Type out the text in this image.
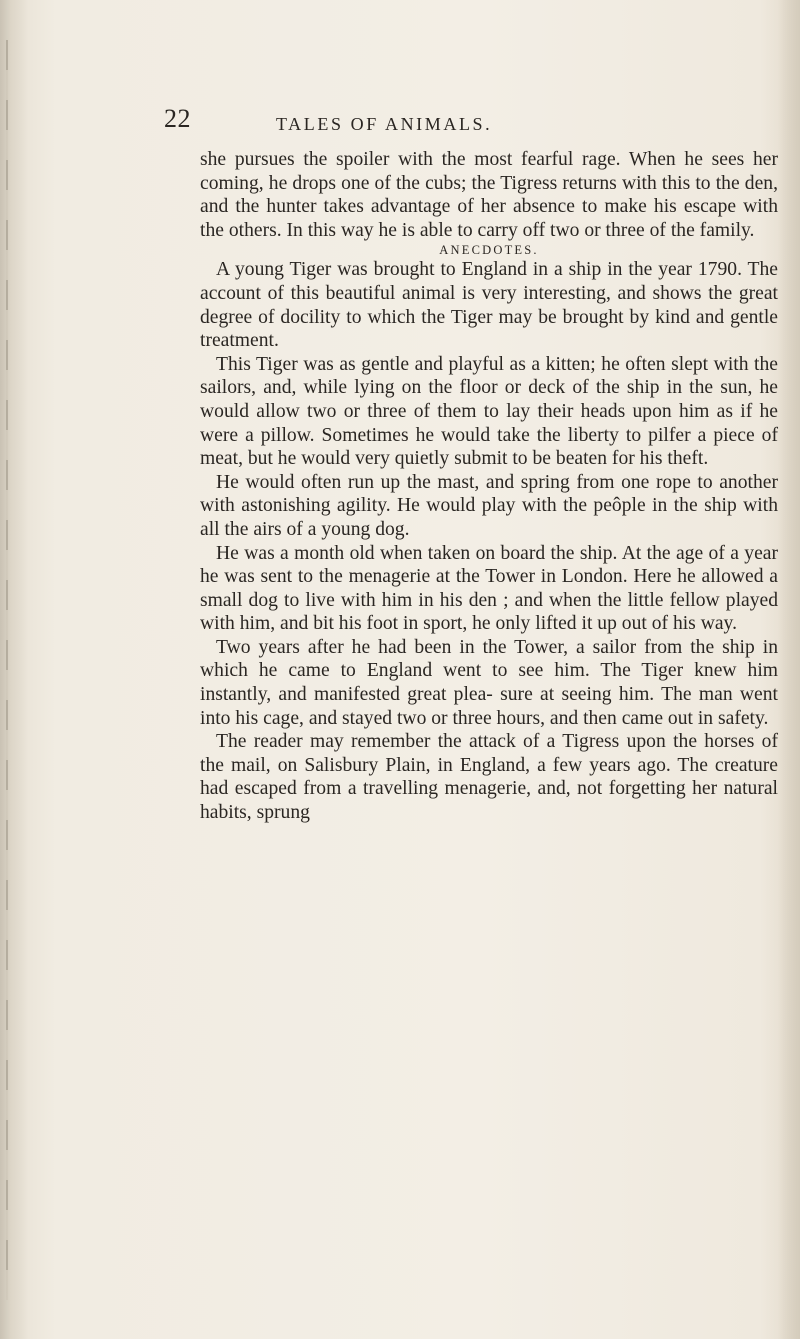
22	TALES OF ANIMALS.

she pursues the spoiler with the most fearful rage. When he sees her coming, he drops one of the cubs; the Tigress returns with this to the den, and the hunter takes advantage of her absence to make his escape with the others. In this way he is able to carry off two or three of the family.

ANECDOTES.

A young Tiger was brought to England in a ship in the year 1790. The account of this beautiful animal is very interesting, and shows the great degree of docility to which the Tiger may be brought by kind and gentle treatment.

This Tiger was as gentle and playful as a kitten; he often slept with the sailors, and, while lying on the floor or deck of the ship in the sun, he would allow two or three of them to lay their heads upon him as if he were a pillow. Sometimes he would take the liberty to pilfer a piece of meat, but he would very quietly submit to be beaten for his theft.

He would often run up the mast, and spring from one rope to another with astonishing agility. He would play with the peôple in the ship with all the airs of a young dog.

He was a month old when taken on board the ship. At the age of a year he was sent to the menagerie at the Tower in London. Here he allowed a small dog to live with him in his den ; and when the little fellow played with him, and bit his foot in sport, he only lifted it up out of his way.

Two years after he had been in the Tower, a sailor from the ship in which he came to England went to see him. The Tiger knew him instantly, and manifested great plea- sure at seeing him. The man went into his cage, and stayed two or three hours, and then came out in safety.

The reader may remember the attack of a Tigress upon the horses of the mail, on Salisbury Plain, in England, a few years ago. The creature had escaped from a travelling menagerie, and, not forgetting her natural habits, sprung
